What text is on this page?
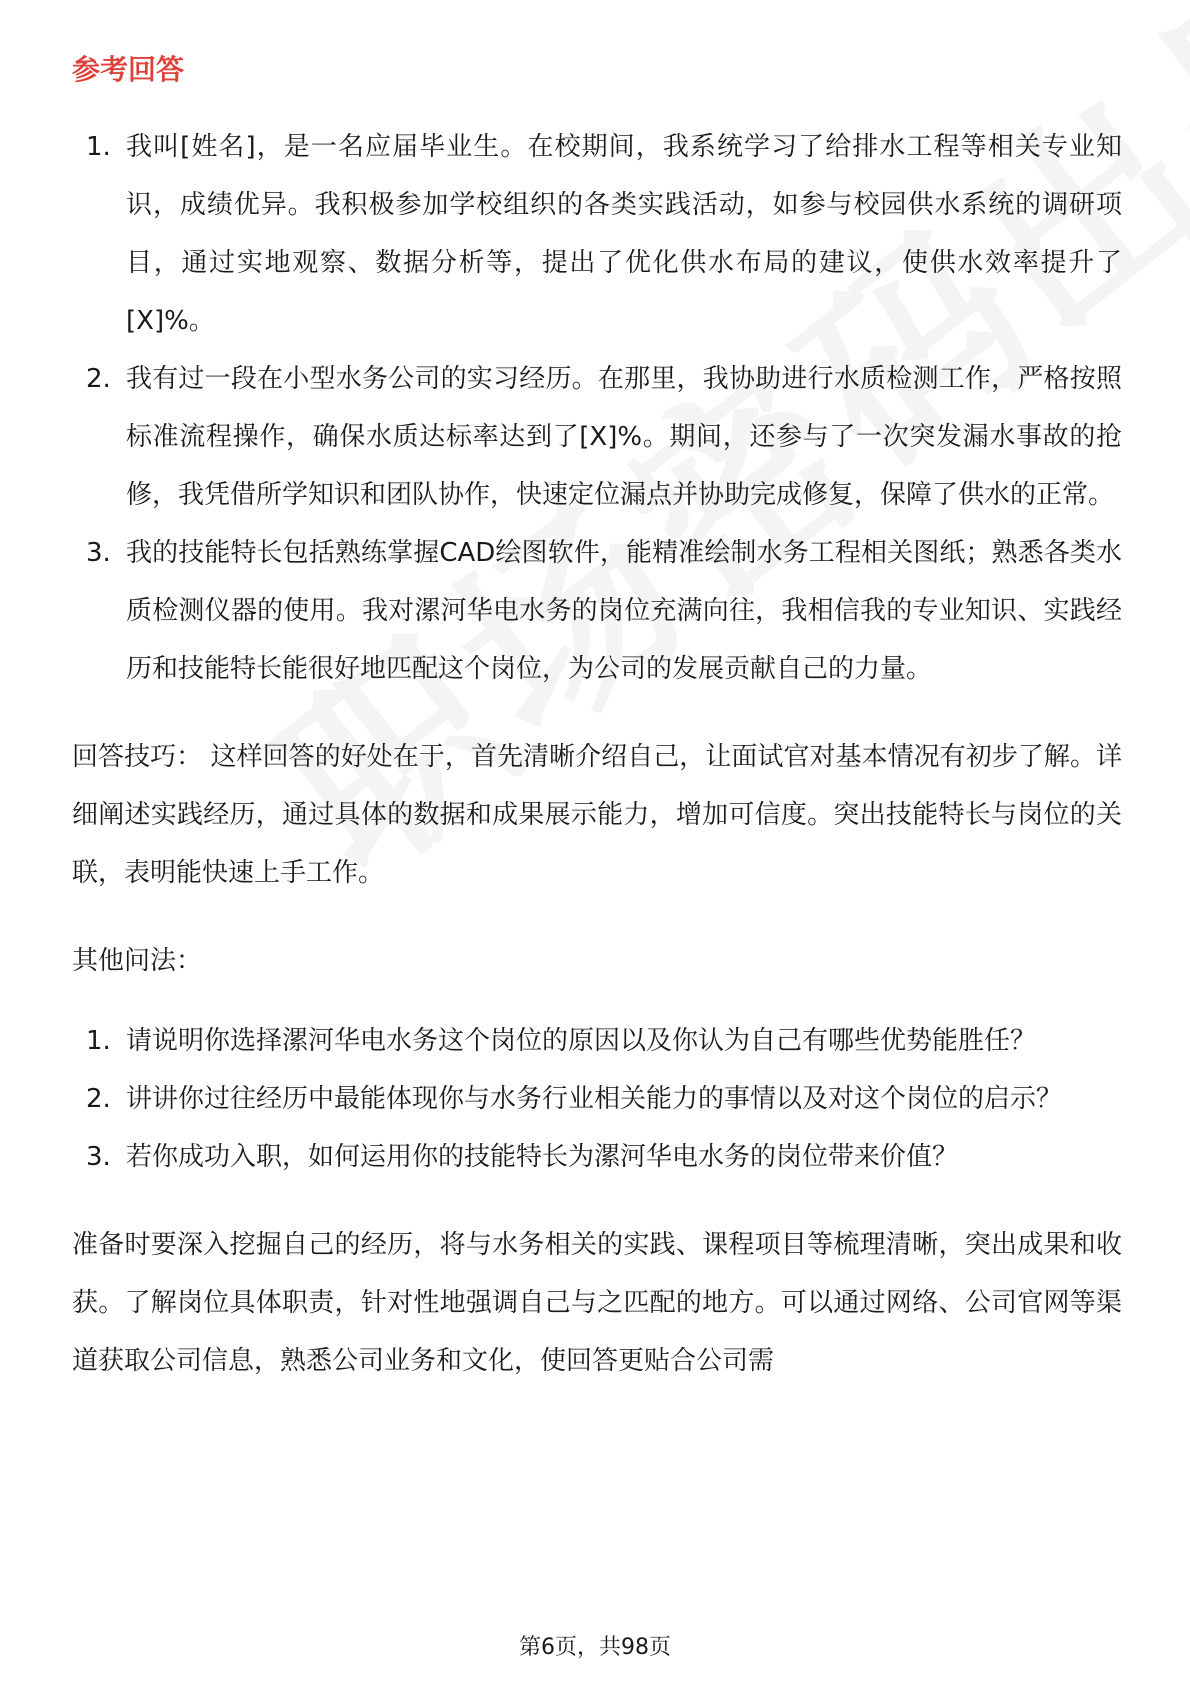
参考回答
1. 我叫[姓名]，是一名应届毕业生。在校期间，我系统学习了给排水工程等相关专业知识，成绩优异。我积极参加学校组织的各类实践活动，如参与校园供水系统的调研项目，通过实地观察、数据分析等，提出了优化供水布局的建议，使供水效率提升了[X]%。
2. 我有过一段在小型水务公司的实习经历。在那里，我协助进行水质检测工作，严格按照标准流程操作，确保水质达标率达到了[X]%。期间，还参与了一次突发漏水事故的抢修，我凭借所学知识和团队协作，快速定位漏点并协助完成修复，保障了供水的正常。
3. 我的技能特长包括熟练掌握CAD绘图软件，能精准绘制水务工程相关图纸；熟悉各类水质检测仪器的使用。我对漯河华电水务的岗位充满向往，我相信我的专业知识、实践经历和技能特长能很好地匹配这个岗位，为公司的发展贡献自己的力量。

回答技巧： 这样回答的好处在于，首先清晰介绍自己，让面试官对基本情况有初步了解。详细阐述实践经历，通过具体的数据和成果展示能力，增加可信度。突出技能特长与岗位的关联，表明能快速上手工作。

其他问法：

1. 请说明你选择漯河华电水务这个岗位的原因以及你认为自己有哪些优势能胜任？
2. 讲讲你过往经历中最能体现你与水务行业相关能力的事情以及对这个岗位的启示？
3. 若你成功入职，如何运用你的技能特长为漯河华电水务的岗位带来价值？

准备时要深入挖掘自己的经历，将与水务相关的实践、课程项目等梳理清晰，突出成果和收获。了解岗位具体职责，针对性地强调自己与之匹配的地方。可以通过网络、公司官网等渠道获取公司信息，熟悉公司业务和文化，使回答更贴合公司需

第6页，共98页
